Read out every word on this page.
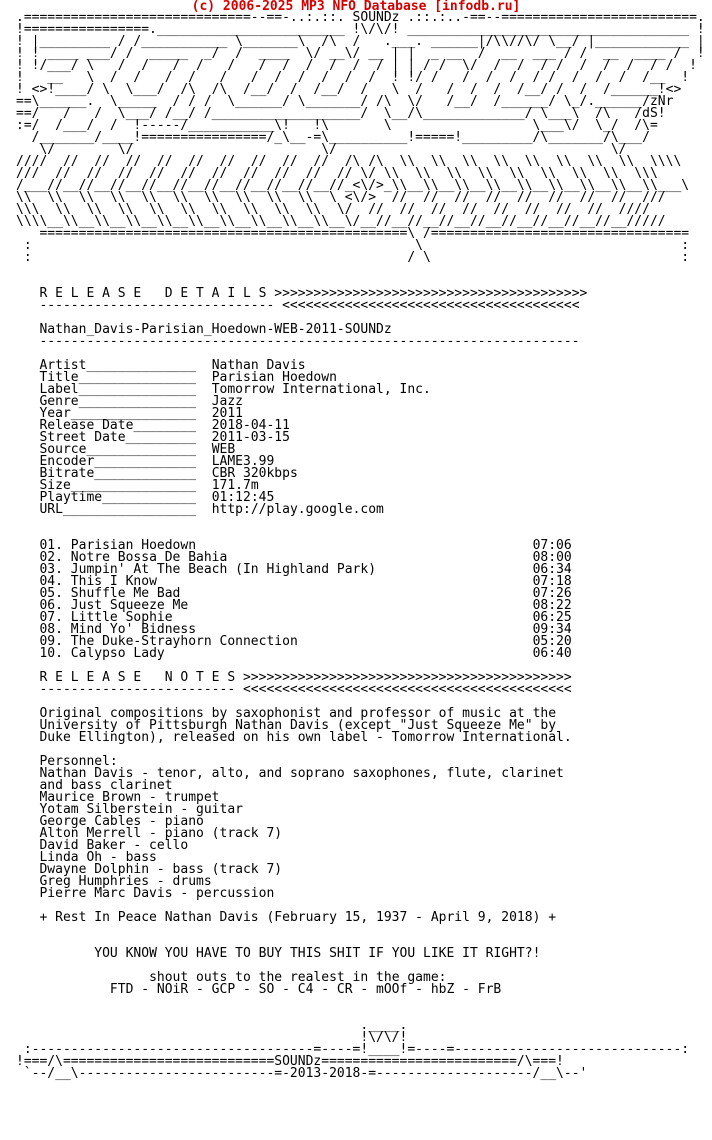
(c) 2006-2025 MP3 NFO Database [infodb.ru]
.=============================--==-..:.::. SOUNDz .::.:..-==--=========================.
!================.________________________ !\/\/! ____________________________________ !
! |_________ / /___________ \_______\  /\  /   .___. ______|/\\//\/ \__/ |____________ |
! ! ____ ___/ /  _____  _/  /  ____  \/ __\/ __ | |  _ __  /  __  ___ / /  __  ____ /  !
! !/___/ \   /  /   /  /   /   /  /  /  /  /  / | | / /  \/  /  /  / /  /  /  /  / /  !
!   __   \  /  /   /  /   /   /  /  /  /  /  /  ! !/ /   /  /  /  / /  /  /  /  /__  !
! <>!____/ \  \___/  /\  /\  /__/  /  /__/  /   \  /   /  /  /  /__/ /  /  /______!<>
==\______.  \_____  / / /  \______/ \_______/ /\  \/   /__/  /______/ \_/.______/zNr
==/   /   /  \___/ /__/ /___________________/  \__/\_____________/ \___\  /\   /dS!
:=/  /___/  /  !-----/___________\!   !\       \                  \___\/  \_/  /\=
/_______/____!================/_\__-=\__________!=====!_________/\_______/\___/
\/        \/                        \/                                   \/
////  //  //  //  //  //  //  //  //  //  /\ /\  \\  \\  \\  \\  \\  \\  \\  \\  \\\\
///  //  //  //  //  //  //  //  //  //  // \/ \\  \\  \\  \\  \\  \\  \\  \\  \\\
/___//__//__//__//__//__//__//__//__//__//_<\/>_\\__\\__\\__\\__\\__\\__\\__\\__\\___\
\\  \\  \\  \\  \\  \\  \\  \\  \\  \\  \ <\/>  //  //  //  //  //  //  //  //  ///
\\\  \\  \\  \\  \\  \\  \\  \\  \\  \\  \/  //  //  //  //  //  //  //  //  ////
\\\\__\\__\\__\\__\\__\\__\\__\\__\\__\\__\/__//__//__//__//__//__//__//__//__/////
===============================================\ /=================================
:                                                 \                                 :
:                                                / \                                :
R E L E A S E   D E T A I L S >>>>>>>>>>>>>>>>>>>>>>>>>>>>>>>>>>>>>>>>
------------------------------ <<<<<<<<<<<<<<<<<<<<<<<<<<<<<<<<<<<<<<
Nathan_Davis-Parisian_Hoedown-WEB-2011-SOUNDz
---------------------------------------------------------------------
Artist______________  Nathan Davis
Title_______________  Parisian Hoedown
Label_______________  Tomorrow International, Inc.
Genre_______________  Jazz
Year________________  2011
Release Date________  2018-04-11
Street Date_________  2011-03-15
Source______________  WEB
Encoder_____________  LAME3.99
Bitrate_____________  CBR 320kbps
Size________________  171.7m
Playtime____________  01:12:45
URL_________________  http://play.google.com
01. Parisian Hoedown	07:06
02. Notre Bossa De Bahia	08:00
03. Jumpin' At The Beach (In Highland Park)	06:34
04. This I Know	07:18
05. Shuffle Me Bad	07:26
06. Just Squeeze Me	08:22
07. Little Sophie	06:25
08. Mind Yo' Bidness	09:34
09. The Duke-Strayhorn Connection	05:20
10. Calypso Lady	06:40
R E L E A S E   N O T E S >>>>>>>>>>>>>>>>>>>>>>>>>>>>>>>>>>>>>>>>>>
------------------------- <<<<<<<<<<<<<<<<<<<<<<<<<<<<<<<<<<<<<<<<<<
Original compositions by saxophonist and professor of music at the
University of Pittsburgh Nathan Davis (except "Just Squeeze Me" by
Duke Ellington), released on his own label - Tomorrow International.
Personnel:
Nathan Davis - tenor, alto, and soprano saxophones, flute, clarinet
and bass clarinet
Maurice Brown - trumpet
Yotam Silberstein - guitar
George Cables - piano
Alton Merrell - piano (track 7)
David Baker - cello
Linda Oh - bass
Dwayne Dolphin - bass (track 7)
Greg Humphries - drums
Pierre Marc Davis - percussion
+ Rest In Peace Nathan Davis (February 15, 1937 - April 9, 2018) +
YOU KNOW YOU HAVE TO BUY THIS SHIT IF YOU LIKE IT RIGHT?!
shout outs to the realest in the game:
FTD - NOiR - GCP - SO - C4 - CR - mOOf - hbZ - FrB
.____.
!\/\/!
:------------------------------------=----=!____!=----=-----------------------------:
!===/\===========================SOUNDz=========================/\===!
`--/__\-------------------------=-2013-2018-=--------------------/__\--'
